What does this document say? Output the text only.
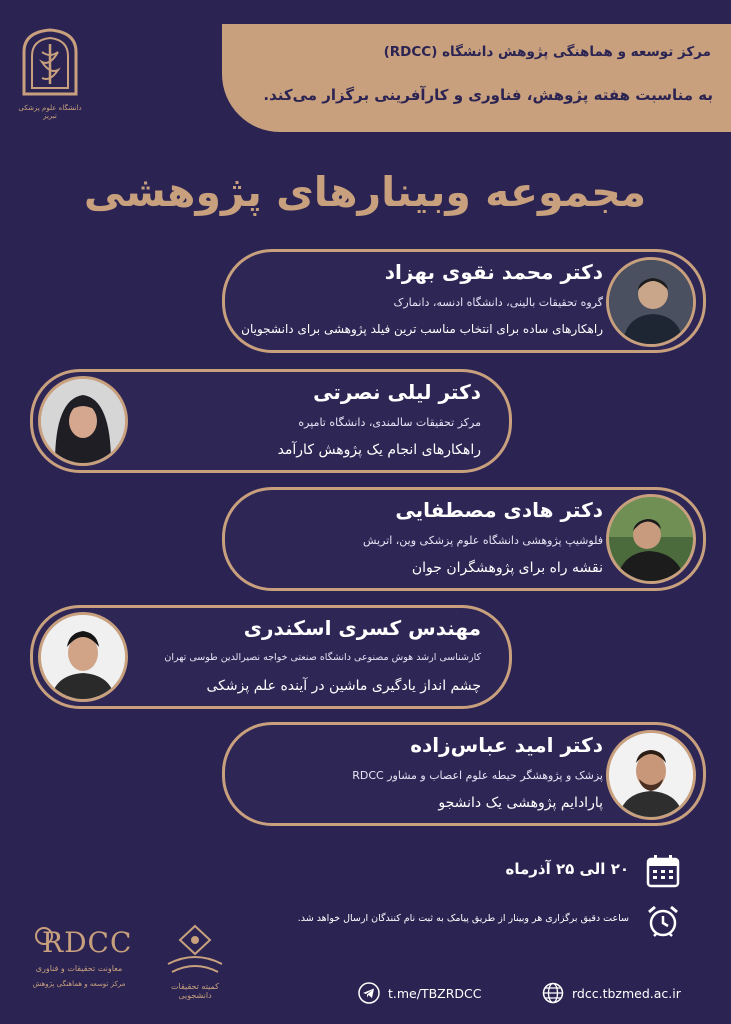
دانشگاه علوم پزشکی تبریز
مرکز توسعه و هماهنگی پژوهش دانشگاه (RDCC)
به مناسبت هفته پژوهش، فناوری و کارآفرینی برگزار می‌کند.
مجموعه وبینارهای پژوهشی
دکتر محمد نقوی بهزاد
گروه تحقیقات بالینی، دانشگاه ادنسه، دانمارک
راهکارهای ساده برای انتخاب مناسب ترین فیلد پژوهشی برای دانشجویان
دکتر لیلی نصرتی
مرکز تحقیقات سالمندی، دانشگاه تامپره
راهکارهای انجام یک پژوهش کارآمد
دکتر هادی مصطفایی
فلوشیپ پژوهشی دانشگاه علوم پزشکی وین، اتریش
نقشه راه برای پژوهشگران جوان
مهندس کسری اسکندری
کارشناسی ارشد هوش مصنوعی دانشگاه صنعتی خواجه نصیرالدین طوسی تهران
چشم انداز یادگیری ماشین در آینده علم پزشکی
دکتر امید عباس‌زاده
پزشک و پژوهشگر حیطه علوم اعصاب و مشاور RDCC
پارادایم پژوهشی یک دانشجو
۲۰ الی ۲۵ آذرماه
ساعت دقیق برگزاری هر وبینار از طریق پیامک به ثبت نام کنندگان ارسال خواهد شد.
RDCC
معاونت تحقیقات و فناوری
مرکز توسعه و هماهنگی پژوهش	کمیته تحقیقات دانشجویی	t.me/TBZRDCC	rdcc.tbzmed.ac.ir
